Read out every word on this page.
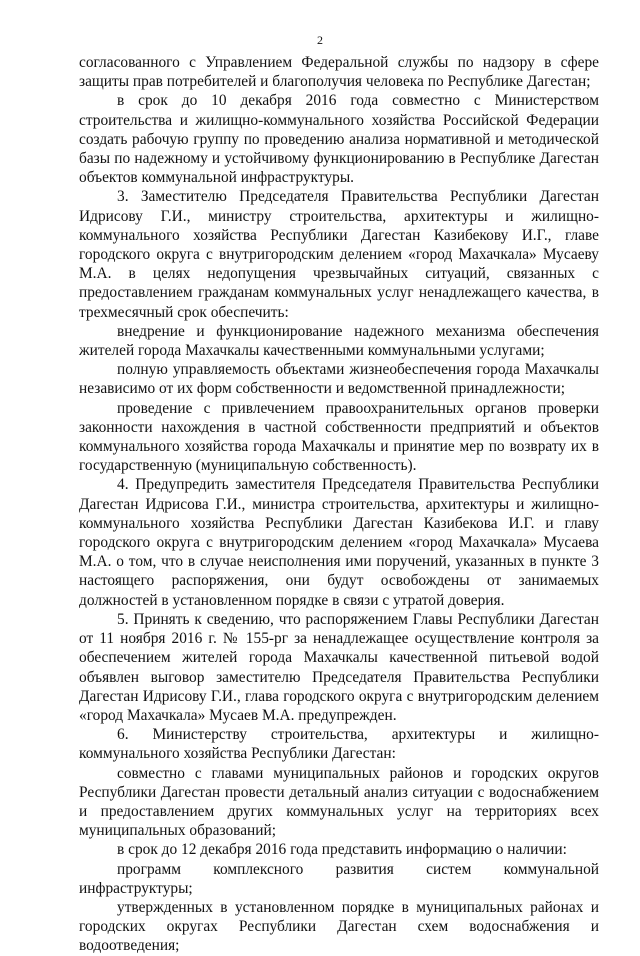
2

согласованного с Управлением Федеральной службы по надзору в сфере защиты прав потребителей и благополучия человека по Республике Дагестан;

в срок до 10 декабря 2016 года совместно с Министерством строительства и жилищно-коммунального хозяйства Российской Федерации создать рабочую группу по проведению анализа нормативной и методической базы по надежному и устойчивому функционированию в Республике Дагестан объектов коммунальной инфраструктуры.

3. Заместителю Председателя Правительства Республики Дагестан Идрисову Г.И., министру строительства, архитектуры и жилищно-коммунального хозяйства Республики Дагестан Казибекову И.Г., главе городского округа с внутригородским делением «город Махачкала» Мусаеву М.А. в целях недопущения чрезвычайных ситуаций, связанных с предоставлением гражданам коммунальных услуг ненадлежащего качества, в трехмесячный срок обеспечить:

внедрение и функционирование надежного механизма обеспечения жителей города Махачкалы качественными коммунальными услугами;

полную управляемость объектами жизнеобеспечения города Махачкалы независимо от их форм собственности и ведомственной принадлежности;

проведение с привлечением правоохранительных органов проверки законности нахождения в частной собственности предприятий и объектов коммунального хозяйства города Махачкалы и принятие мер по возврату их в государственную (муниципальную собственность).

4. Предупредить заместителя Председателя Правительства Республики Дагестан Идрисова Г.И., министра строительства, архитектуры и жилищно-коммунального хозяйства Республики Дагестан Казибекова И.Г. и главу городского округа с внутригородским делением «город Махачкала» Мусаева М.А. о том, что в случае неисполнения ими поручений, указанных в пункте 3 настоящего распоряжения, они будут освобождены от занимаемых должностей в установленном порядке в связи с утратой доверия.

5. Принять к сведению, что распоряжением Главы Республики Дагестан от 11 ноября 2016 г. № 155-рг за ненадлежащее осуществление контроля за обеспечением жителей города Махачкалы качественной питьевой водой объявлен выговор заместителю Председателя Правительства Республики Дагестан Идрисову Г.И., глава городского округа с внутригородским делением «город Махачкала» Мусаев М.А. предупрежден.

6. Министерству строительства, архитектуры и жилищно-коммунального хозяйства Республики Дагестан:

совместно с главами муниципальных районов и городских округов Республики Дагестан провести детальный анализ ситуации с водоснабжением и предоставлением других коммунальных услуг на территориях всех муниципальных образований;

в срок до 12 декабря 2016 года представить информацию о наличии:

программ комплексного развития систем коммунальной инфраструктуры;

утвержденных в установленном порядке в муниципальных районах и городских округах Республики Дагестан схем водоснабжения и водоотведения;
